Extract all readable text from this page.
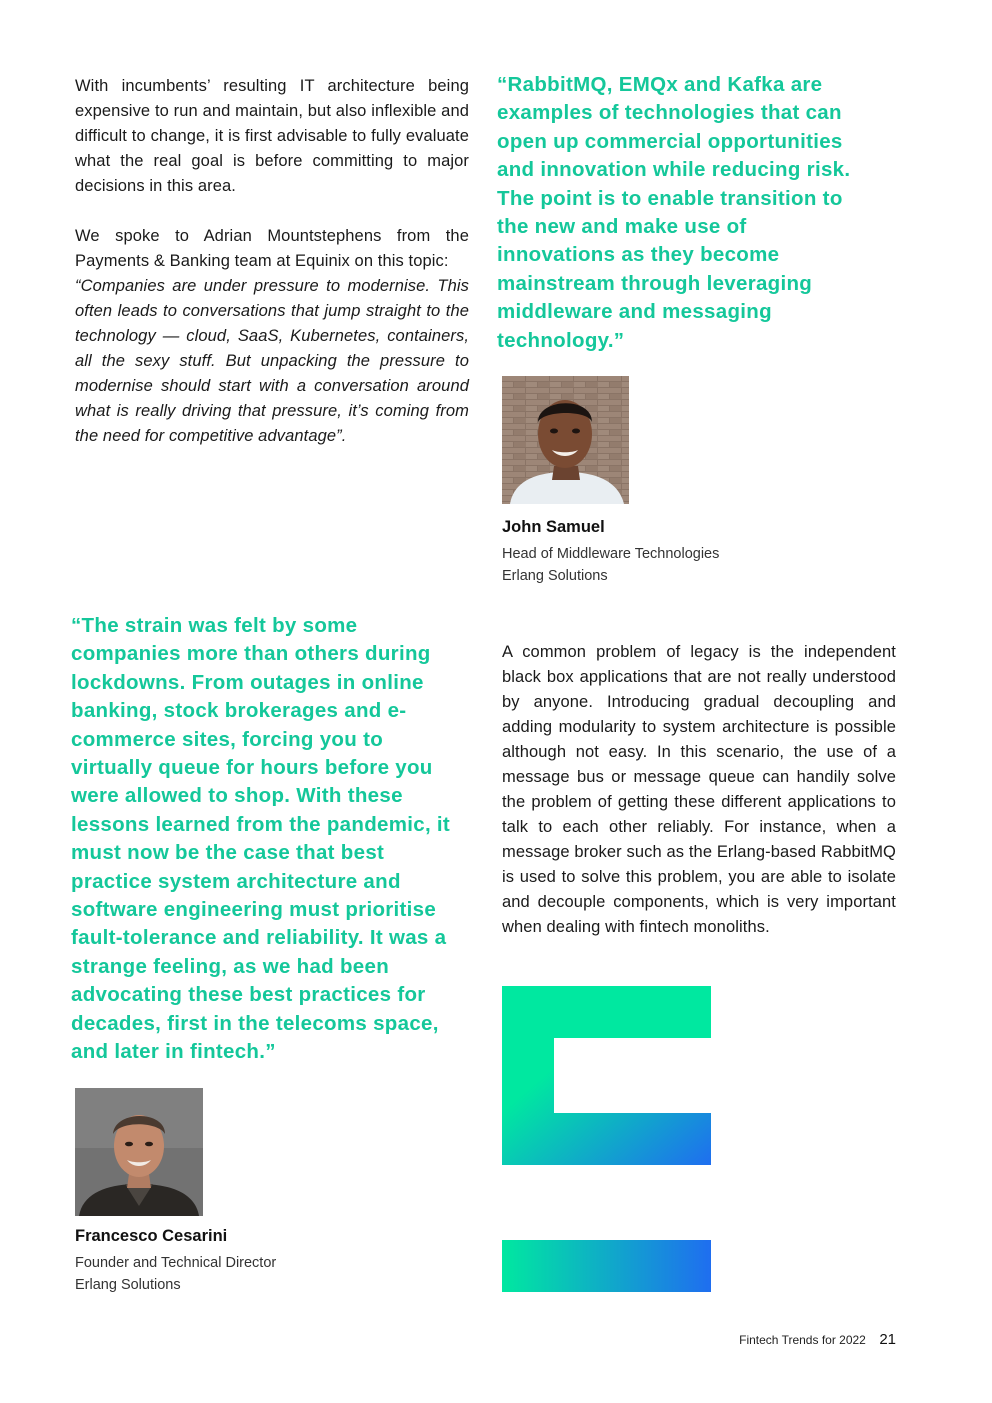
With incumbents’ resulting IT architecture being expensive to run and maintain, but also inflexible and difficult to change, it is first advisable to fully evaluate what the real goal is before committing to major decisions in this area.

We spoke to Adrian Mountstephens from the Payments & Banking team at Equinix on this topic:

“Companies are under pressure to modernise. This often leads to conversations that jump straight to the technology — cloud, SaaS, Kubernetes, containers, all the sexy stuff. But unpacking the pressure to modernise should start with a conversation around what is really driving that pressure, it’s coming from the need for competitive advantage”.

“RabbitMQ, EMQx and Kafka are examples of technologies that can open up commercial opportunities and innovation while reducing risk. The point is to enable transition to the new and make use of innovations as they become mainstream through leveraging middleware and messaging technology.”

John Samuel

Head of Middleware Technologies

Erlang Solutions

“The strain was felt by some companies more than others during lockdowns. From outages in online banking, stock brokerages and e-commerce sites, forcing you to virtually queue for hours before you were allowed to shop. With these lessons learned from the pandemic, it must now be the case that best practice system architecture and software engineering must prioritise fault-tolerance and reliability. It was a strange feeling, as we had been advocating these best practices for decades, first in the telecoms space, and later in fintech.”

Francesco Cesarini

Founder and Technical Director

Erlang Solutions

A common problem of legacy is the independent black box applications that are not really understood by anyone. Introducing gradual decoupling and adding modularity to system architecture is possible although not easy. In this scenario, the use of a message bus or message queue can handily solve the problem of getting these different applications to talk to each other reliably. For instance, when a message broker such as the Erlang-based RabbitMQ is used to solve this problem, you are able to isolate and decouple components, which is very important when dealing with fintech monoliths.

Fintech Trends for 2022 21
